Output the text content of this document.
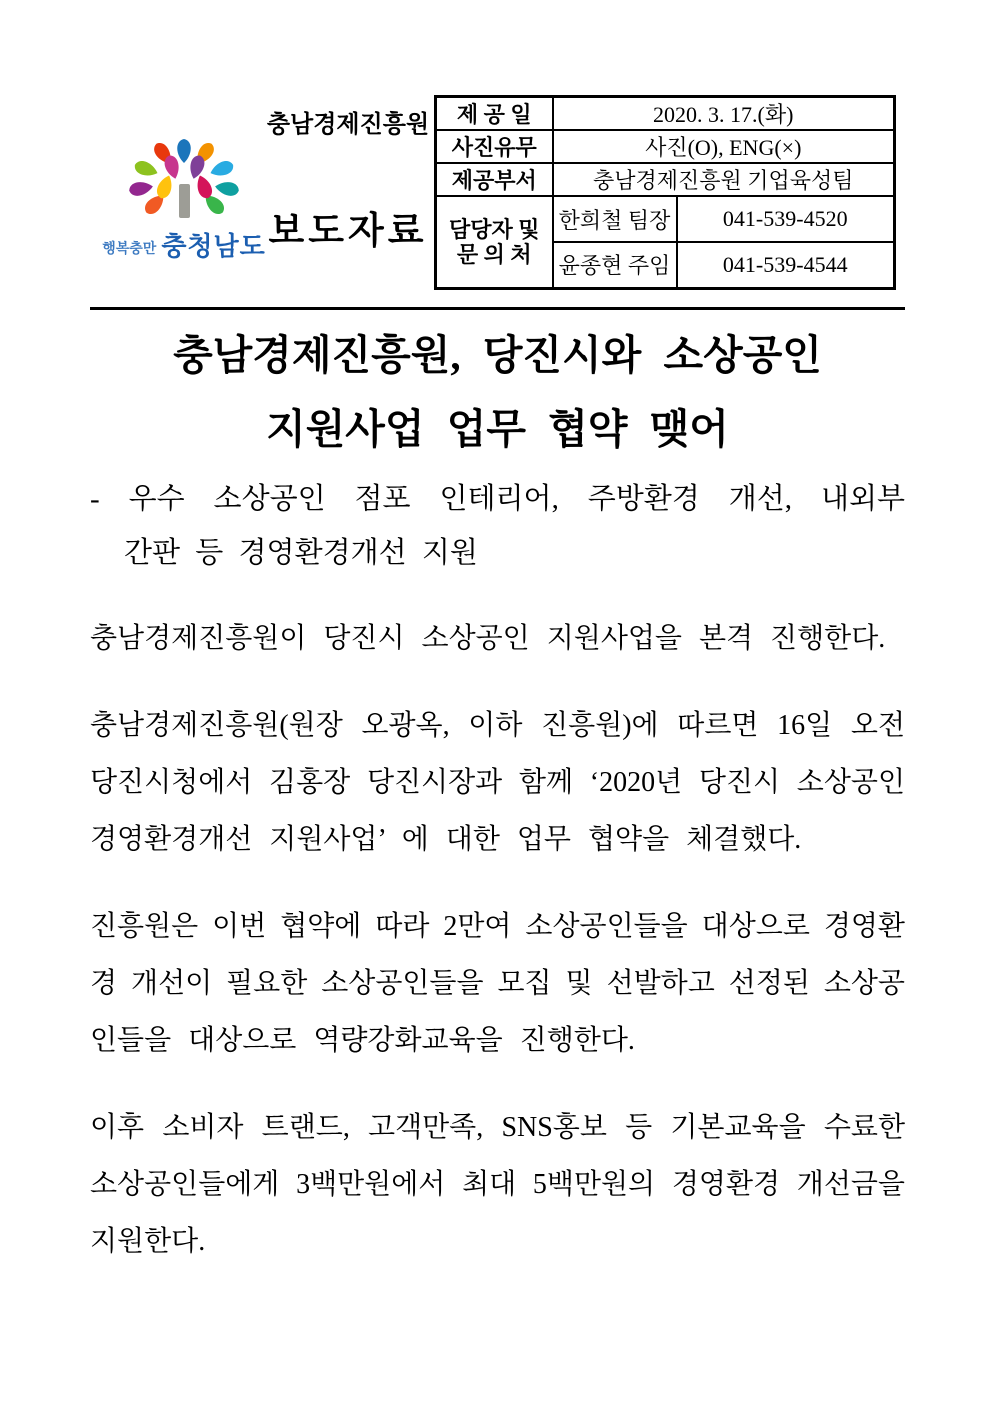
행복충만 충청남도
충남경제진흥원
보도자료
제 공 일	2020. 3. 17.(화)	
사진유무	사진(O), ENG(×)	
제공부서	충남경제진흥원 기업육성팀	

담당자 및
문 의 처	한희철 팀장	041-539-4520
	윤종현 주임	041-539-4544
충남경제진흥원, 당진시와 소상공인
지원사업 업무 협약 맺어
- 우수 소상공인 점포 인테리어, 주방환경 개선, 내외부
간판 등 경영환경개선 지원

충남경제진흥원이 당진시 소상공인 지원사업을 본격 진행한다.

충남경제진흥원(원장 오광옥, 이하 진흥원)에 따르면 16일 오전
당진시청에서 김홍장 당진시장과 함께 ‘2020년 당진시 소상공인
경영환경개선 지원사업’ 에 대한 업무 협약을 체결했다.

진흥원은 이번 협약에 따라 2만여 소상공인들을 대상으로 경영환
경 개선이 필요한 소상공인들을 모집 및 선발하고 선정된 소상공
인들을 대상으로 역량강화교육을 진행한다.

이후 소비자 트랜드, 고객만족, SNS홍보 등 기본교육을 수료한
소상공인들에게 3백만원에서 최대 5백만원의 경영환경 개선금을
지원한다.
